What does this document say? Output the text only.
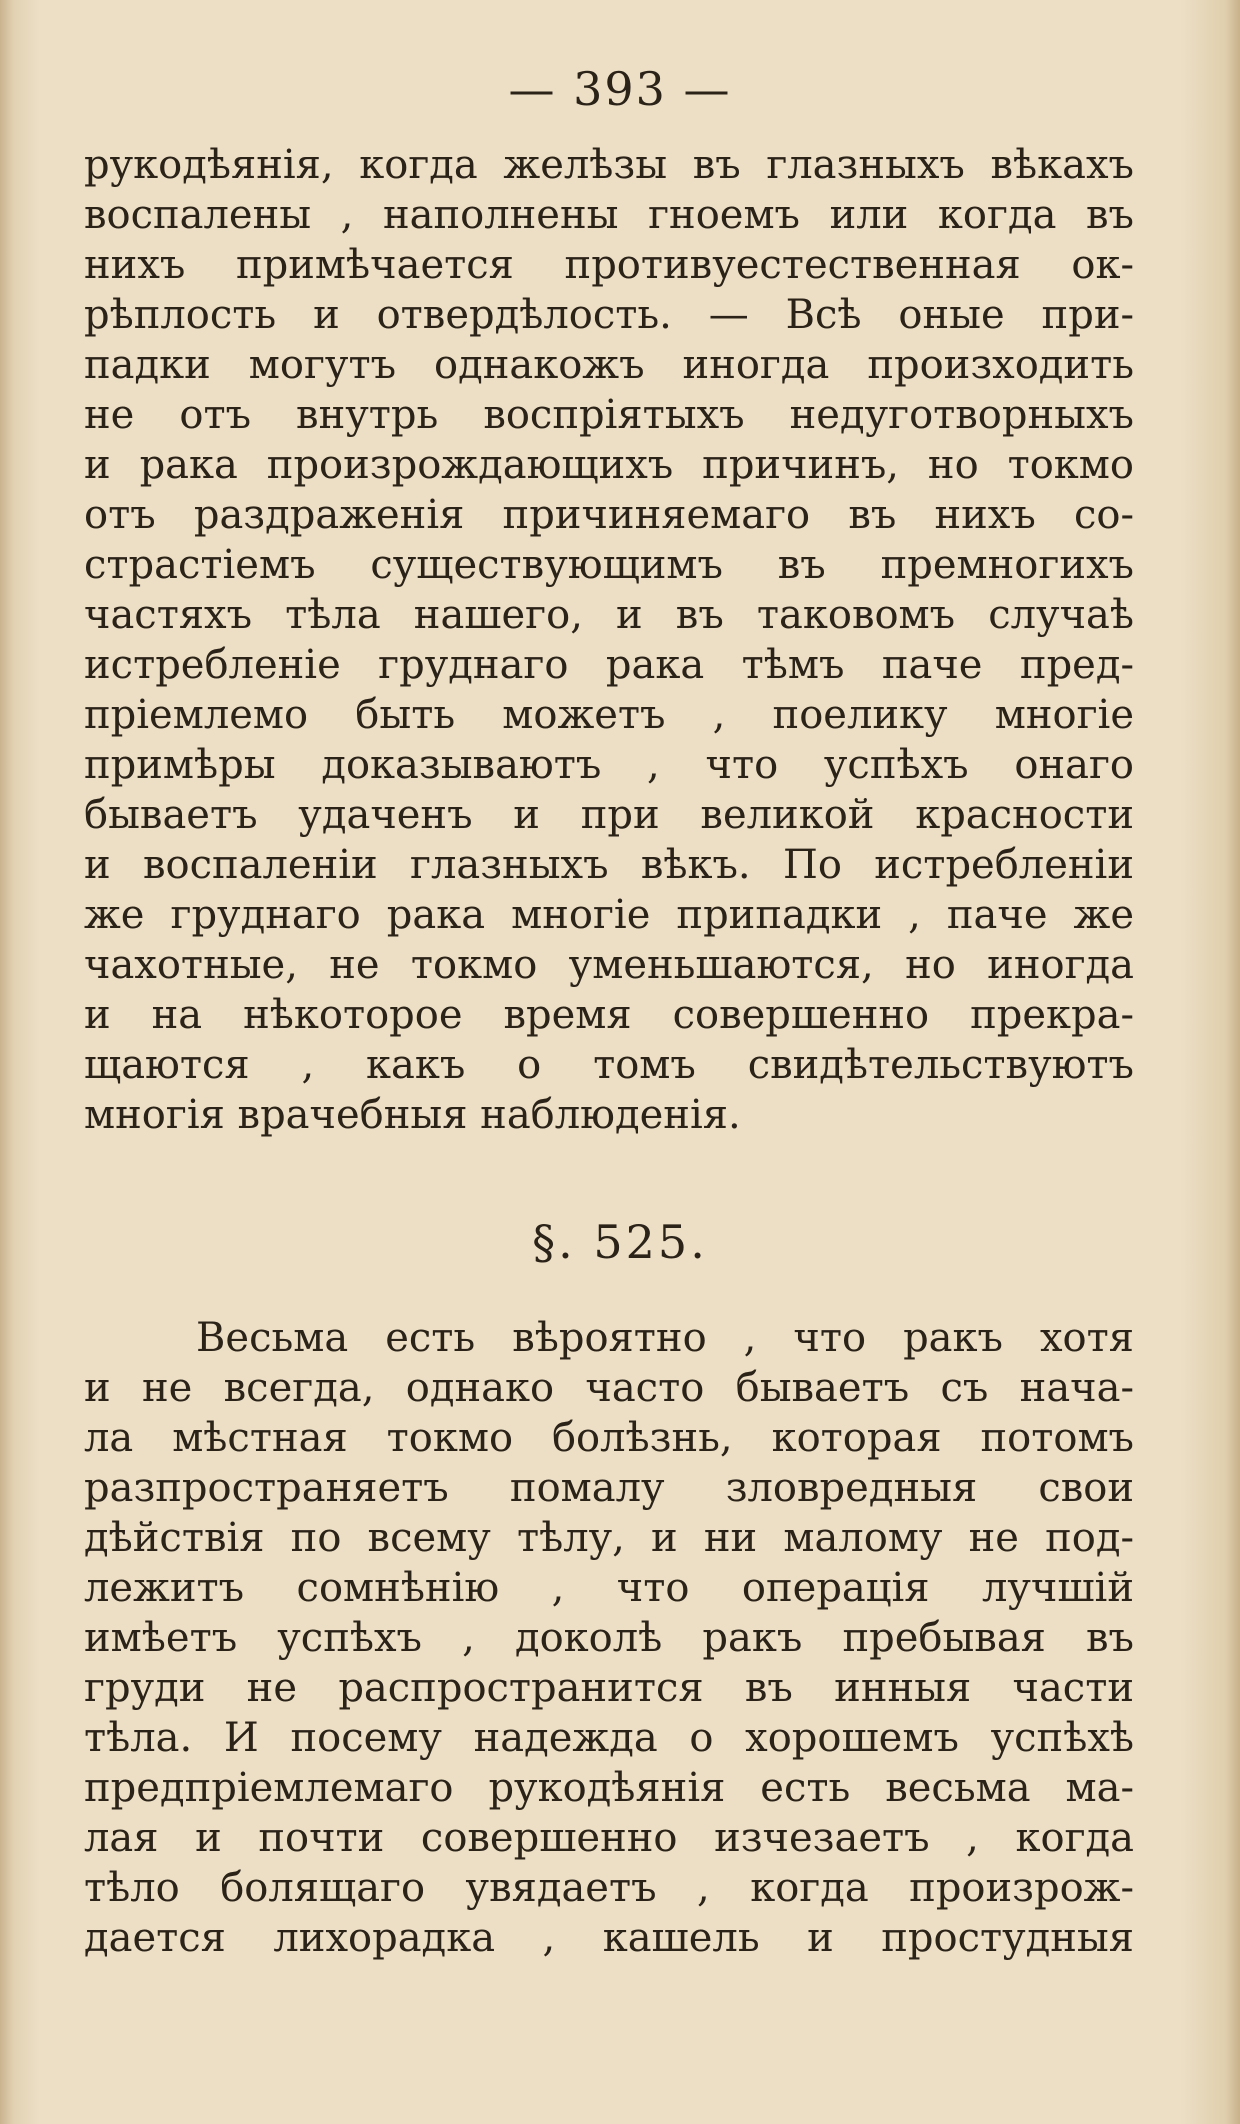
— 393 —
рукодѣянія, когда желѣзы въ глазныхъ вѣкахъ
воспалены , наполнены гноемъ или когда въ
нихъ примѣчается противуестественная ок-
рѣплость и отвердѣлость. — Всѣ оные при-
падки могутъ однакожъ иногда произходить
не отъ внутрь воспріятыхъ недуготворныхъ
и рака произрождающихъ причинъ, но токмо
отъ раздраженія причиняемаго въ нихъ со-
страстіемъ существующимъ въ премногихъ
частяхъ тѣла нашего, и въ таковомъ случаѣ
истребленіе груднаго рака тѣмъ паче пред-
пріемлемо быть можетъ , поелику многіе
примѣры доказываютъ , что успѣхъ онаго
бываетъ удаченъ и при великой красности
и воспаленіи глазныхъ вѣкъ. По истребленіи
же груднаго рака многіе припадки , паче же
чахотные, не токмо уменьшаются, но иногда
и на нѣкоторое время совершенно прекра-
щаются , какъ о томъ свидѣтельствуютъ
многія врачебныя наблюденія.
§. 525.
Весьма есть вѣроятно , что ракъ хотя
и не всегда, однако часто бываетъ съ нача-
ла мѣстная токмо болѣзнь, которая потомъ
разпространяетъ помалу зловредныя свои
дѣйствія по всему тѣлу, и ни малому не под-
лежитъ сомнѣнію , что операція лучшій
имѣетъ успѣхъ , доколѣ ракъ пребывая въ
груди не распространится въ инныя части
тѣла. И посему надежда о хорошемъ успѣхѣ
предпріемлемаго рукодѣянія есть весьма ма-
лая и почти совершенно изчезаетъ , когда
тѣло болящаго увядаетъ , когда произрож-
дается лихорадка , кашель и простудныя
